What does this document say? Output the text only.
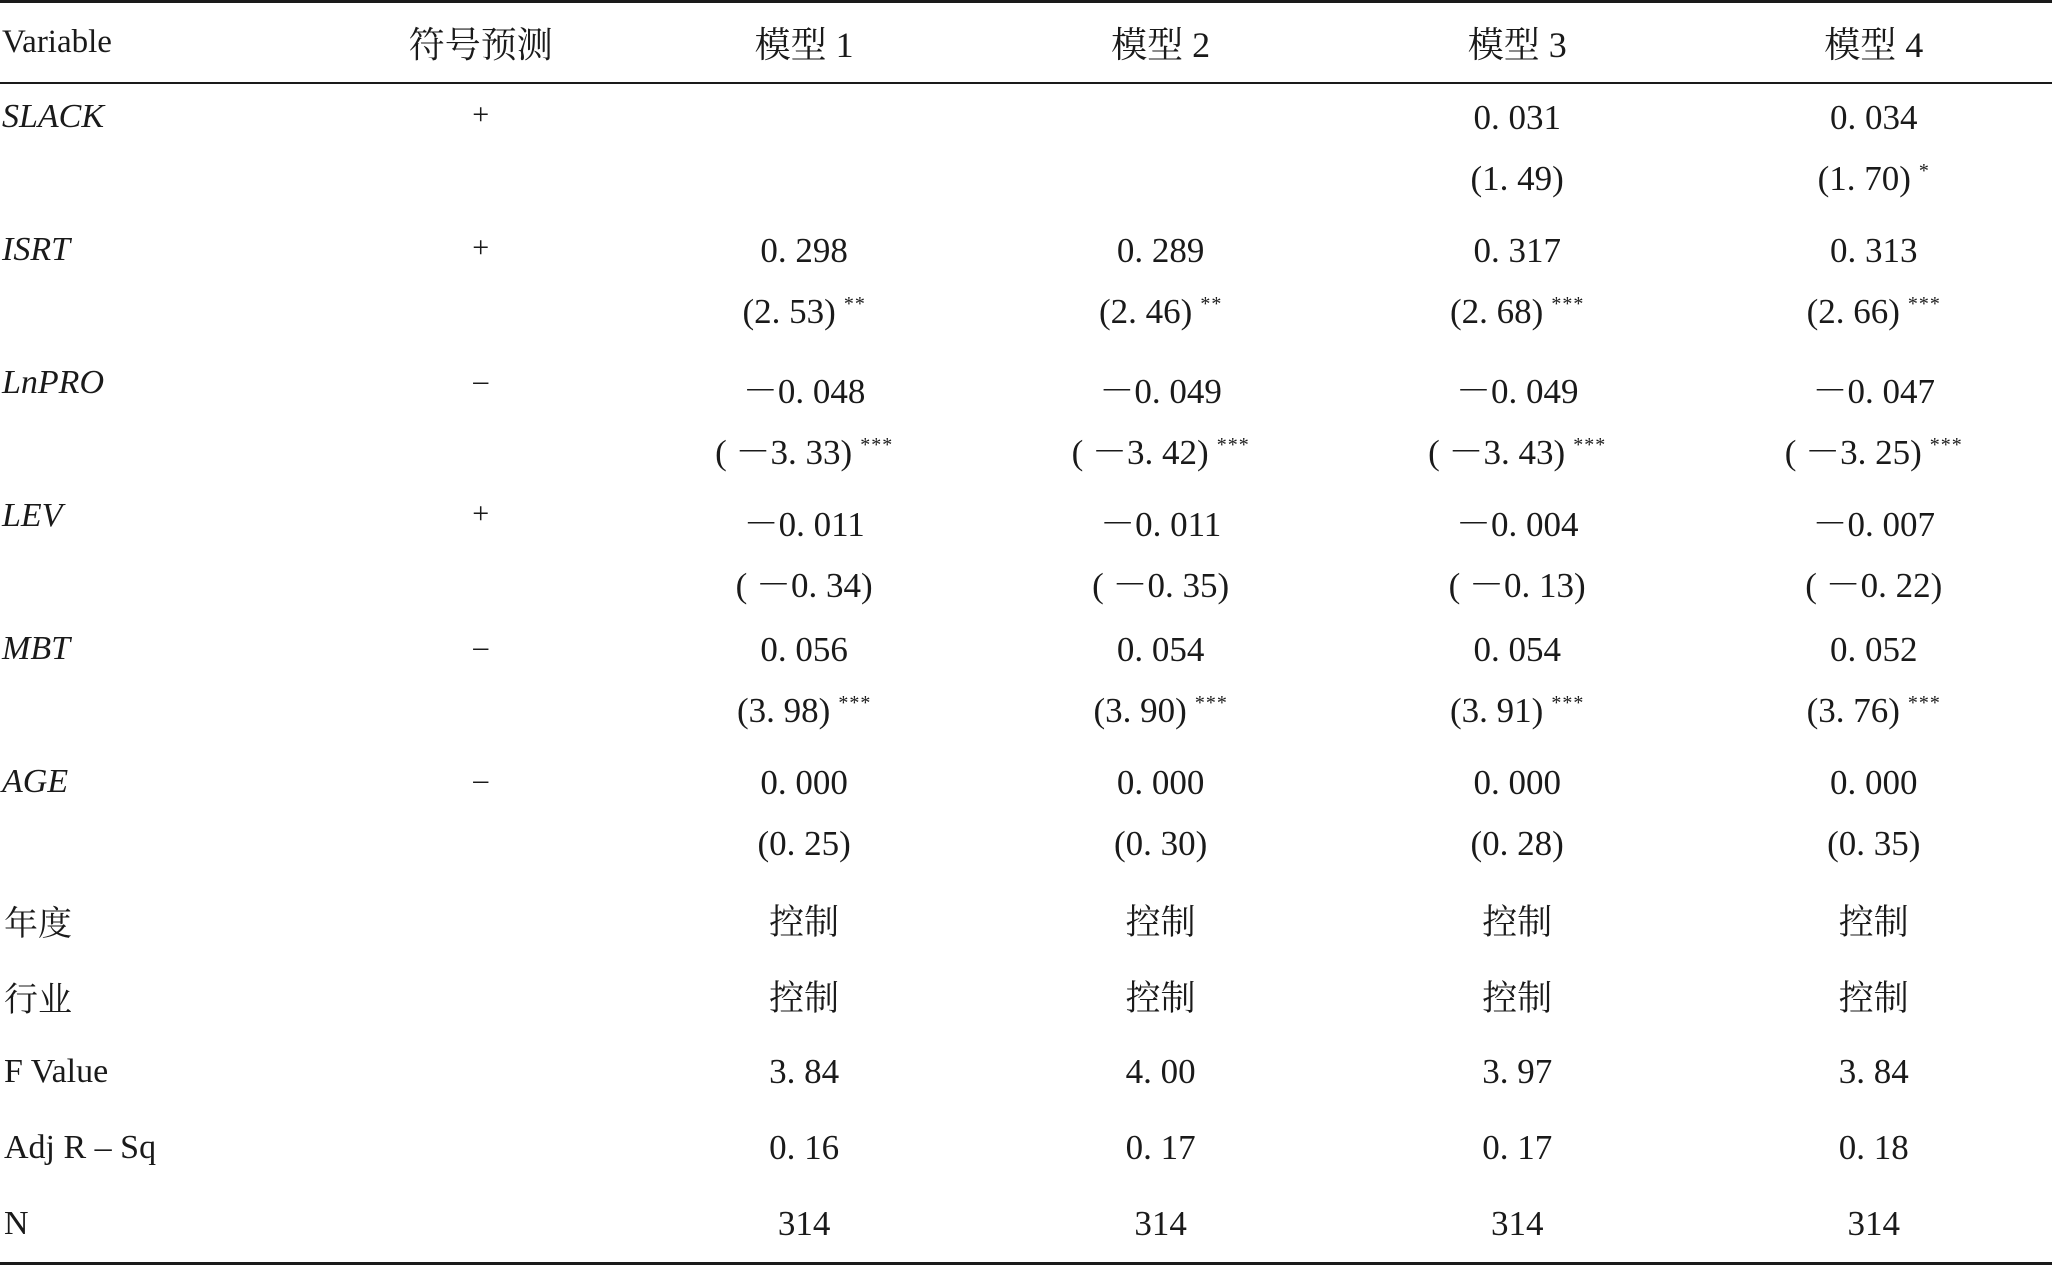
Variable	符号预测	模型 1	模型 2	模型 3	模型 4
SLACK	+			0. 031	0. 034
				(1. 49)	(1. 70) *
ISRT	+	0. 298	0. 289	0. 317	0. 313
		(2. 53) **	(2. 46) **	(2. 68) ***	(2. 66) ***
LnPRO	–	－0. 048	－0. 049	－0. 049	－0. 047
		( －3. 33) ***	( －3. 42) ***	( －3. 43) ***	( －3. 25) ***
LEV	+	－0. 011	－0. 011	－0. 004	－0. 007
		( －0. 34)	( －0. 35)	( －0. 13)	( －0. 22)
MBT	–	0. 056	0. 054	0. 054	0. 052
		(3. 98) ***	(3. 90) ***	(3. 91) ***	(3. 76) ***
AGE	–	0. 000	0. 000	0. 000	0. 000
		(0. 25)	(0. 30)	(0. 28)	(0. 35)
年度		控制	控制	控制	控制
行业		控制	控制	控制	控制
F Value		3. 84	4. 00	3. 97	3. 84
Adj R – Sq		0. 16	0. 17	0. 17	0. 18
N		314	314	314	314
